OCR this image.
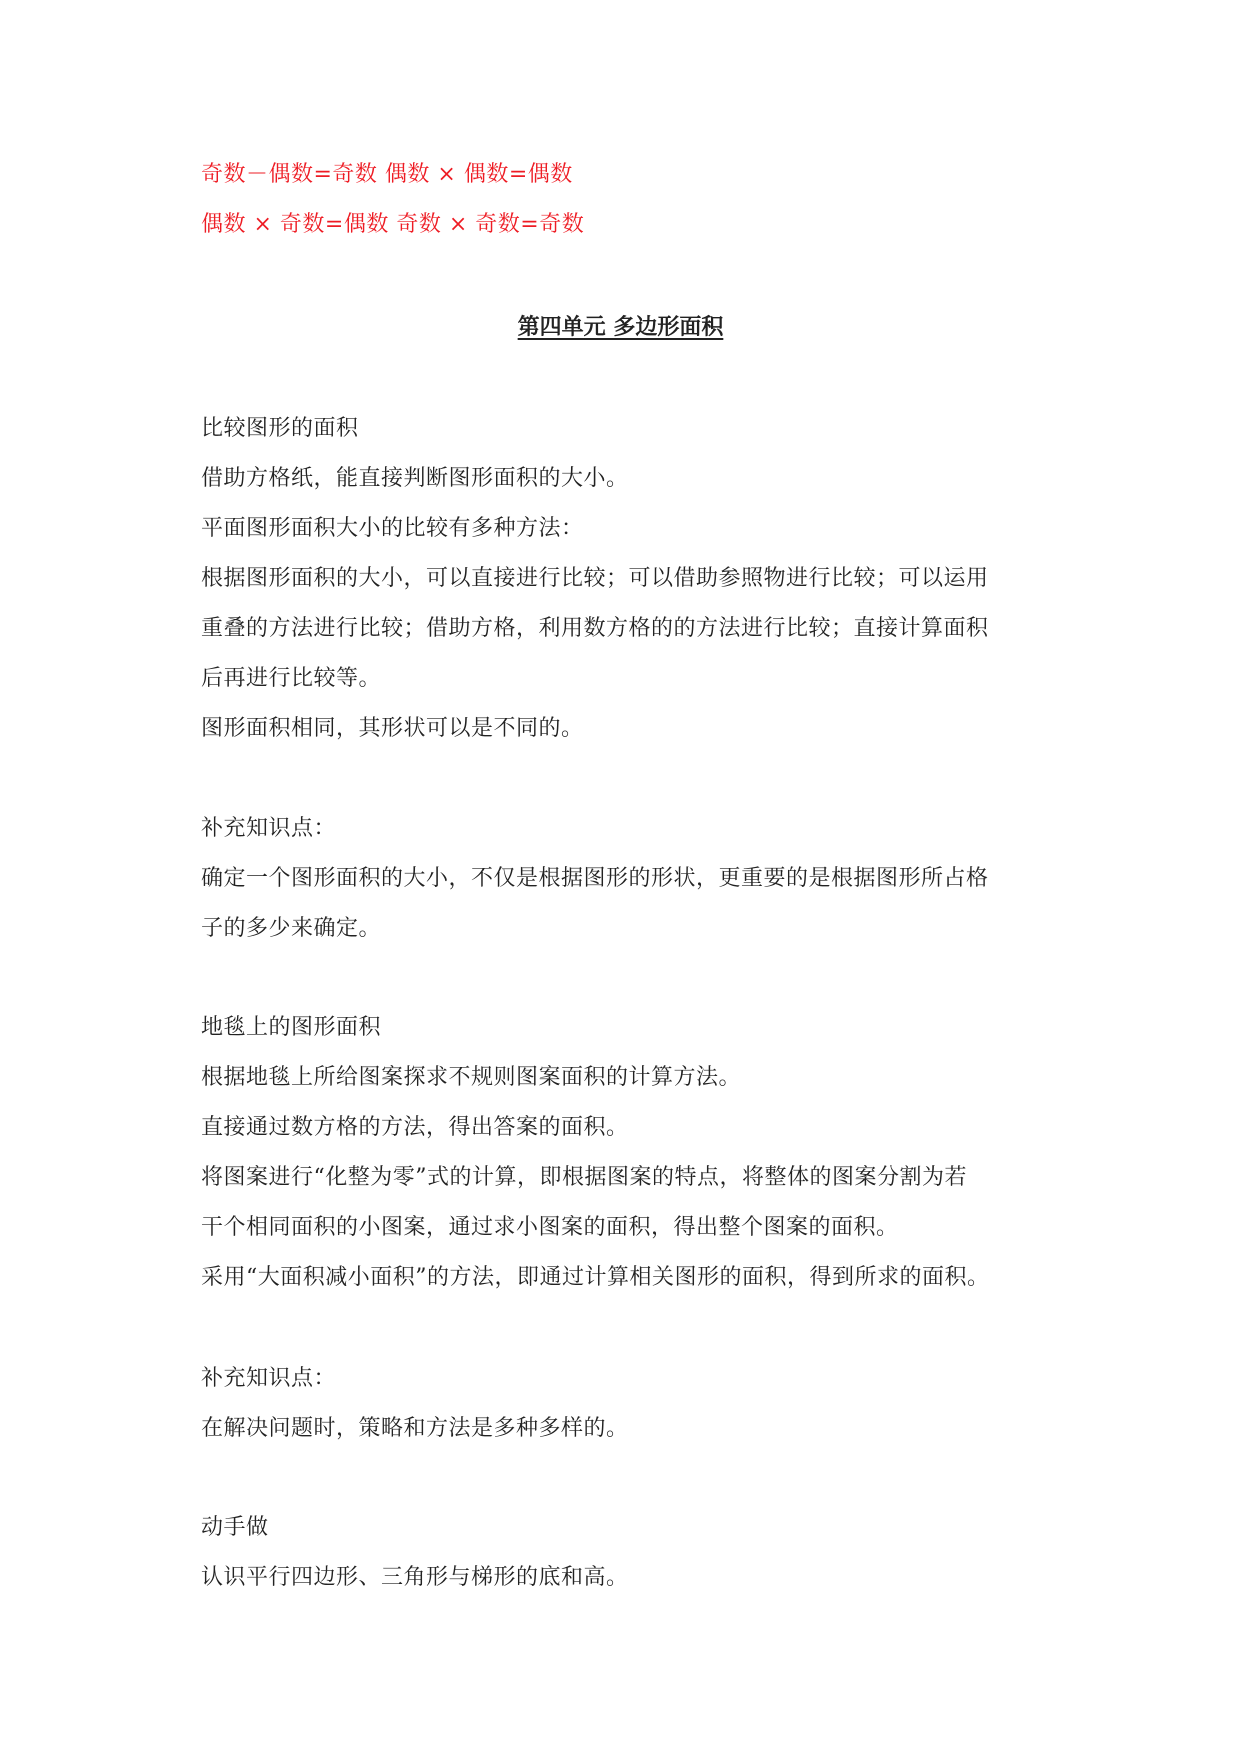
奇数－偶数=奇数 偶数 × 偶数=偶数
偶数 × 奇数=偶数 奇数 × 奇数=奇数
第四单元 多边形面积
比较图形的面积
借助方格纸，能直接判断图形面积的大小。
平面图形面积大小的比较有多种方法：
根据图形面积的大小，可以直接进行比较；可以借助参照物进行比较；可以运用
重叠的方法进行比较；借助方格，利用数方格的的方法进行比较；直接计算面积
后再进行比较等。
图形面积相同，其形状可以是不同的。
补充知识点：
确定一个图形面积的大小，不仅是根据图形的形状，更重要的是根据图形所占格
子的多少来确定。
地毯上的图形面积
根据地毯上所给图案探求不规则图案面积的计算方法。
直接通过数方格的方法，得出答案的面积。
将图案进行“化整为零”式的计算，即根据图案的特点，将整体的图案分割为若
干个相同面积的小图案，通过求小图案的面积，得出整个图案的面积。
采用“大面积减小面积”的方法，即通过计算相关图形的面积，得到所求的面积。
补充知识点：
在解决问题时，策略和方法是多种多样的。
动手做
认识平行四边形、三角形与梯形的底和高。
